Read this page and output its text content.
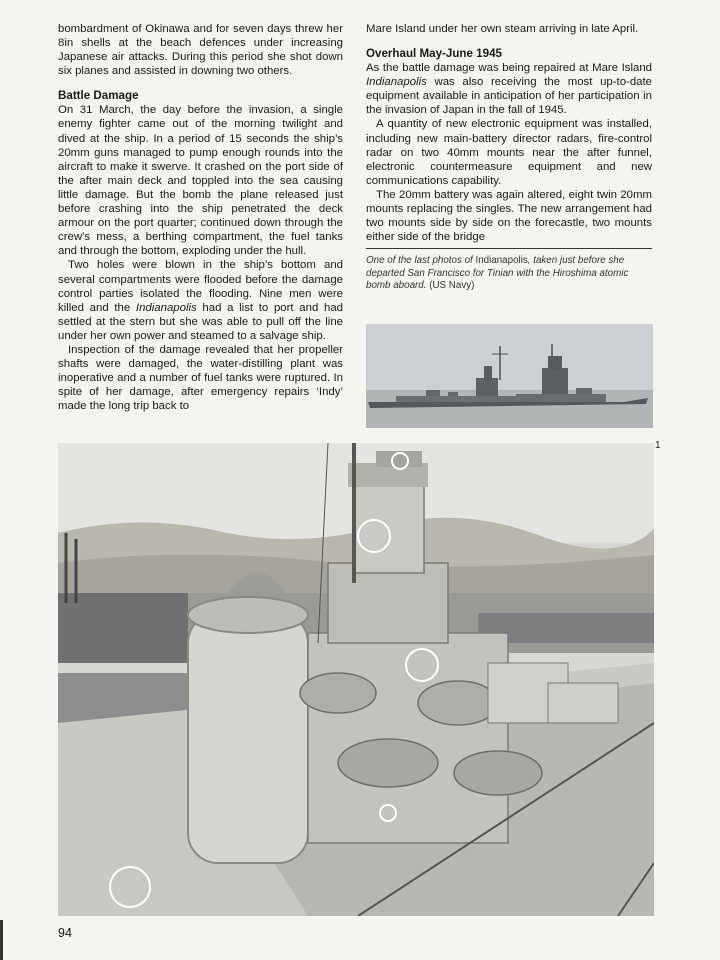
bombardment of Okinawa and for seven days threw her 8in shells at the beach defences under increasing Japanese air attacks. During this period she shot down six planes and assisted in downing two others.

Battle Damage

On 31 March, the day before the invasion, a single enemy fighter came out of the morning twilight and dived at the ship. In a period of 15 seconds the ship’s 20mm guns managed to pump enough rounds into the aircraft to make it swerve. It crashed on the port side of the after main deck and toppled into the sea causing little damage. But the bomb the plane released just before crashing into the ship penetrated the deck armour on the port quarter; continued down through the crew’s mess, a berthing compartment, the fuel tanks and through the bottom, exploding under the hull.

Two holes were blown in the ship’s bottom and several compartments were flooded before the damage control parties isolated the flooding. Nine men were killed and the Indianapolis had a list to port and had settled at the stern but she was able to pull off the line under her own power and steamed to a salvage ship.

Inspection of the damage revealed that her propeller shafts were damaged, the water-distilling plant was inoperative and a number of fuel tanks were ruptured. In spite of her damage, after emergency repairs ‘Indy’ made the long trip back to

Mare Island under her own steam arriving in late April.

Overhaul May-June 1945

As the battle damage was being repaired at Mare Island Indianapolis was also receiving the most up-to-date equipment available in anticipation of her participation in the invasion of Japan in the fall of 1945.

A quantity of new electronic equipment was installed, including new main-battery director radars, fire-control radar on two 40mm mounts near the after funnel, electronic countermeasure equipment and new communications capability.

The 20mm battery was again altered, eight twin 20mm mounts replacing the singles. The new arrangement had two mounts side by side on the forecastle, two mounts either side of the bridge

One of the last photos of Indianapolis, taken just before she departed San Francisco for Tinian with the Hiroshima atomic bomb aboard. (US Navy)
1
94
